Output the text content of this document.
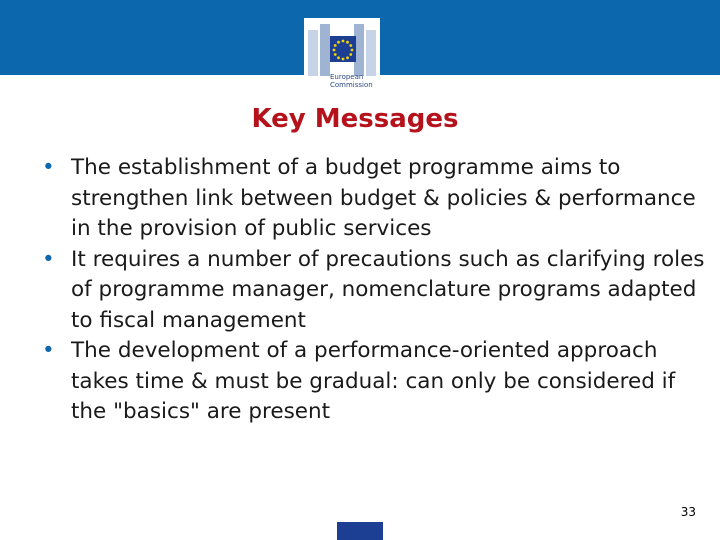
European
Commission
Key Messages
• The establishment of a budget programme aims to strengthen link between budget & policies & performance in the provision of public services
• It requires a number of precautions such as clarifying roles of programme manager, nomenclature programs adapted to fiscal management
• The development of a performance-oriented approach takes time & must be gradual: can only be considered if the "basics" are present
33
